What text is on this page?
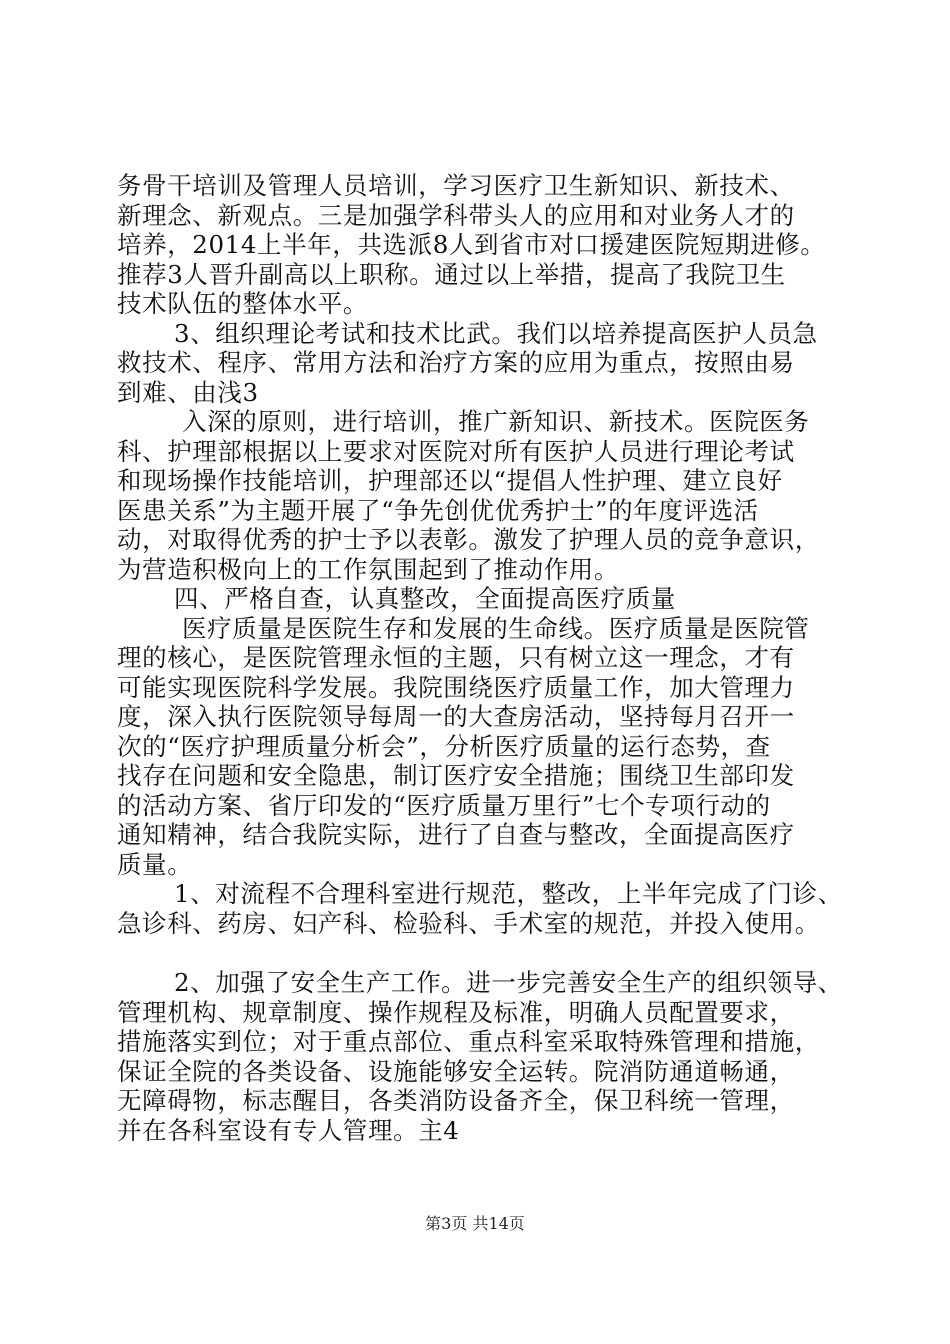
务骨干培训及管理人员培训，学习医疗卫生新知识、新技术、
新理念、新观点。三是加强学科带头人的应用和对业务人才的
培养，2014上半年，共选派8人到省市对口援建医院短期进修。
推荐3人晋升副高以上职称。通过以上举措，提高了我院卫生
技术队伍的整体水平。
3、组织理论考试和技术比武。我们以培养提高医护人员急
救技术、程序、常用方法和治疗方案的应用为重点，按照由易
到难、由浅3
入深的原则，进行培训，推广新知识、新技术。医院医务
科、护理部根据以上要求对医院对所有医护人员进行理论考试
和现场操作技能培训，护理部还以“提倡人性护理、建立良好
医患关系”为主题开展了“争先创优优秀护士”的年度评选活
动，对取得优秀的护士予以表彰。激发了护理人员的竞争意识，
为营造积极向上的工作氛围起到了推动作用。
四、严格自查，认真整改，全面提高医疗质量
医疗质量是医院生存和发展的生命线。医疗质量是医院管
理的核心，是医院管理永恒的主题，只有树立这一理念，才有
可能实现医院科学发展。我院围绕医疗质量工作，加大管理力
度，深入执行医院领导每周一的大查房活动，坚持每月召开一
次的“医疗护理质量分析会”，分析医疗质量的运行态势，查
找存在问题和安全隐患，制订医疗安全措施；围绕卫生部印发
的活动方案、省厅印发的“医疗质量万里行”七个专项行动的
通知精神，结合我院实际，进行了自查与整改，全面提高医疗
质量。
1、对流程不合理科室进行规范，整改，上半年完成了门诊、
急诊科、药房、妇产科、检验科、手术室的规范，并投入使用。
2、加强了安全生产工作。进一步完善安全生产的组织领导、
管理机构、规章制度、操作规程及标准，明确人员配置要求，
措施落实到位；对于重点部位、重点科室采取特殊管理和措施，
保证全院的各类设备、设施能够安全运转。院消防通道畅通，
无障碍物，标志醒目，各类消防设备齐全，保卫科统一管理，
并在各科室设有专人管理。主4
第3页 共14页
